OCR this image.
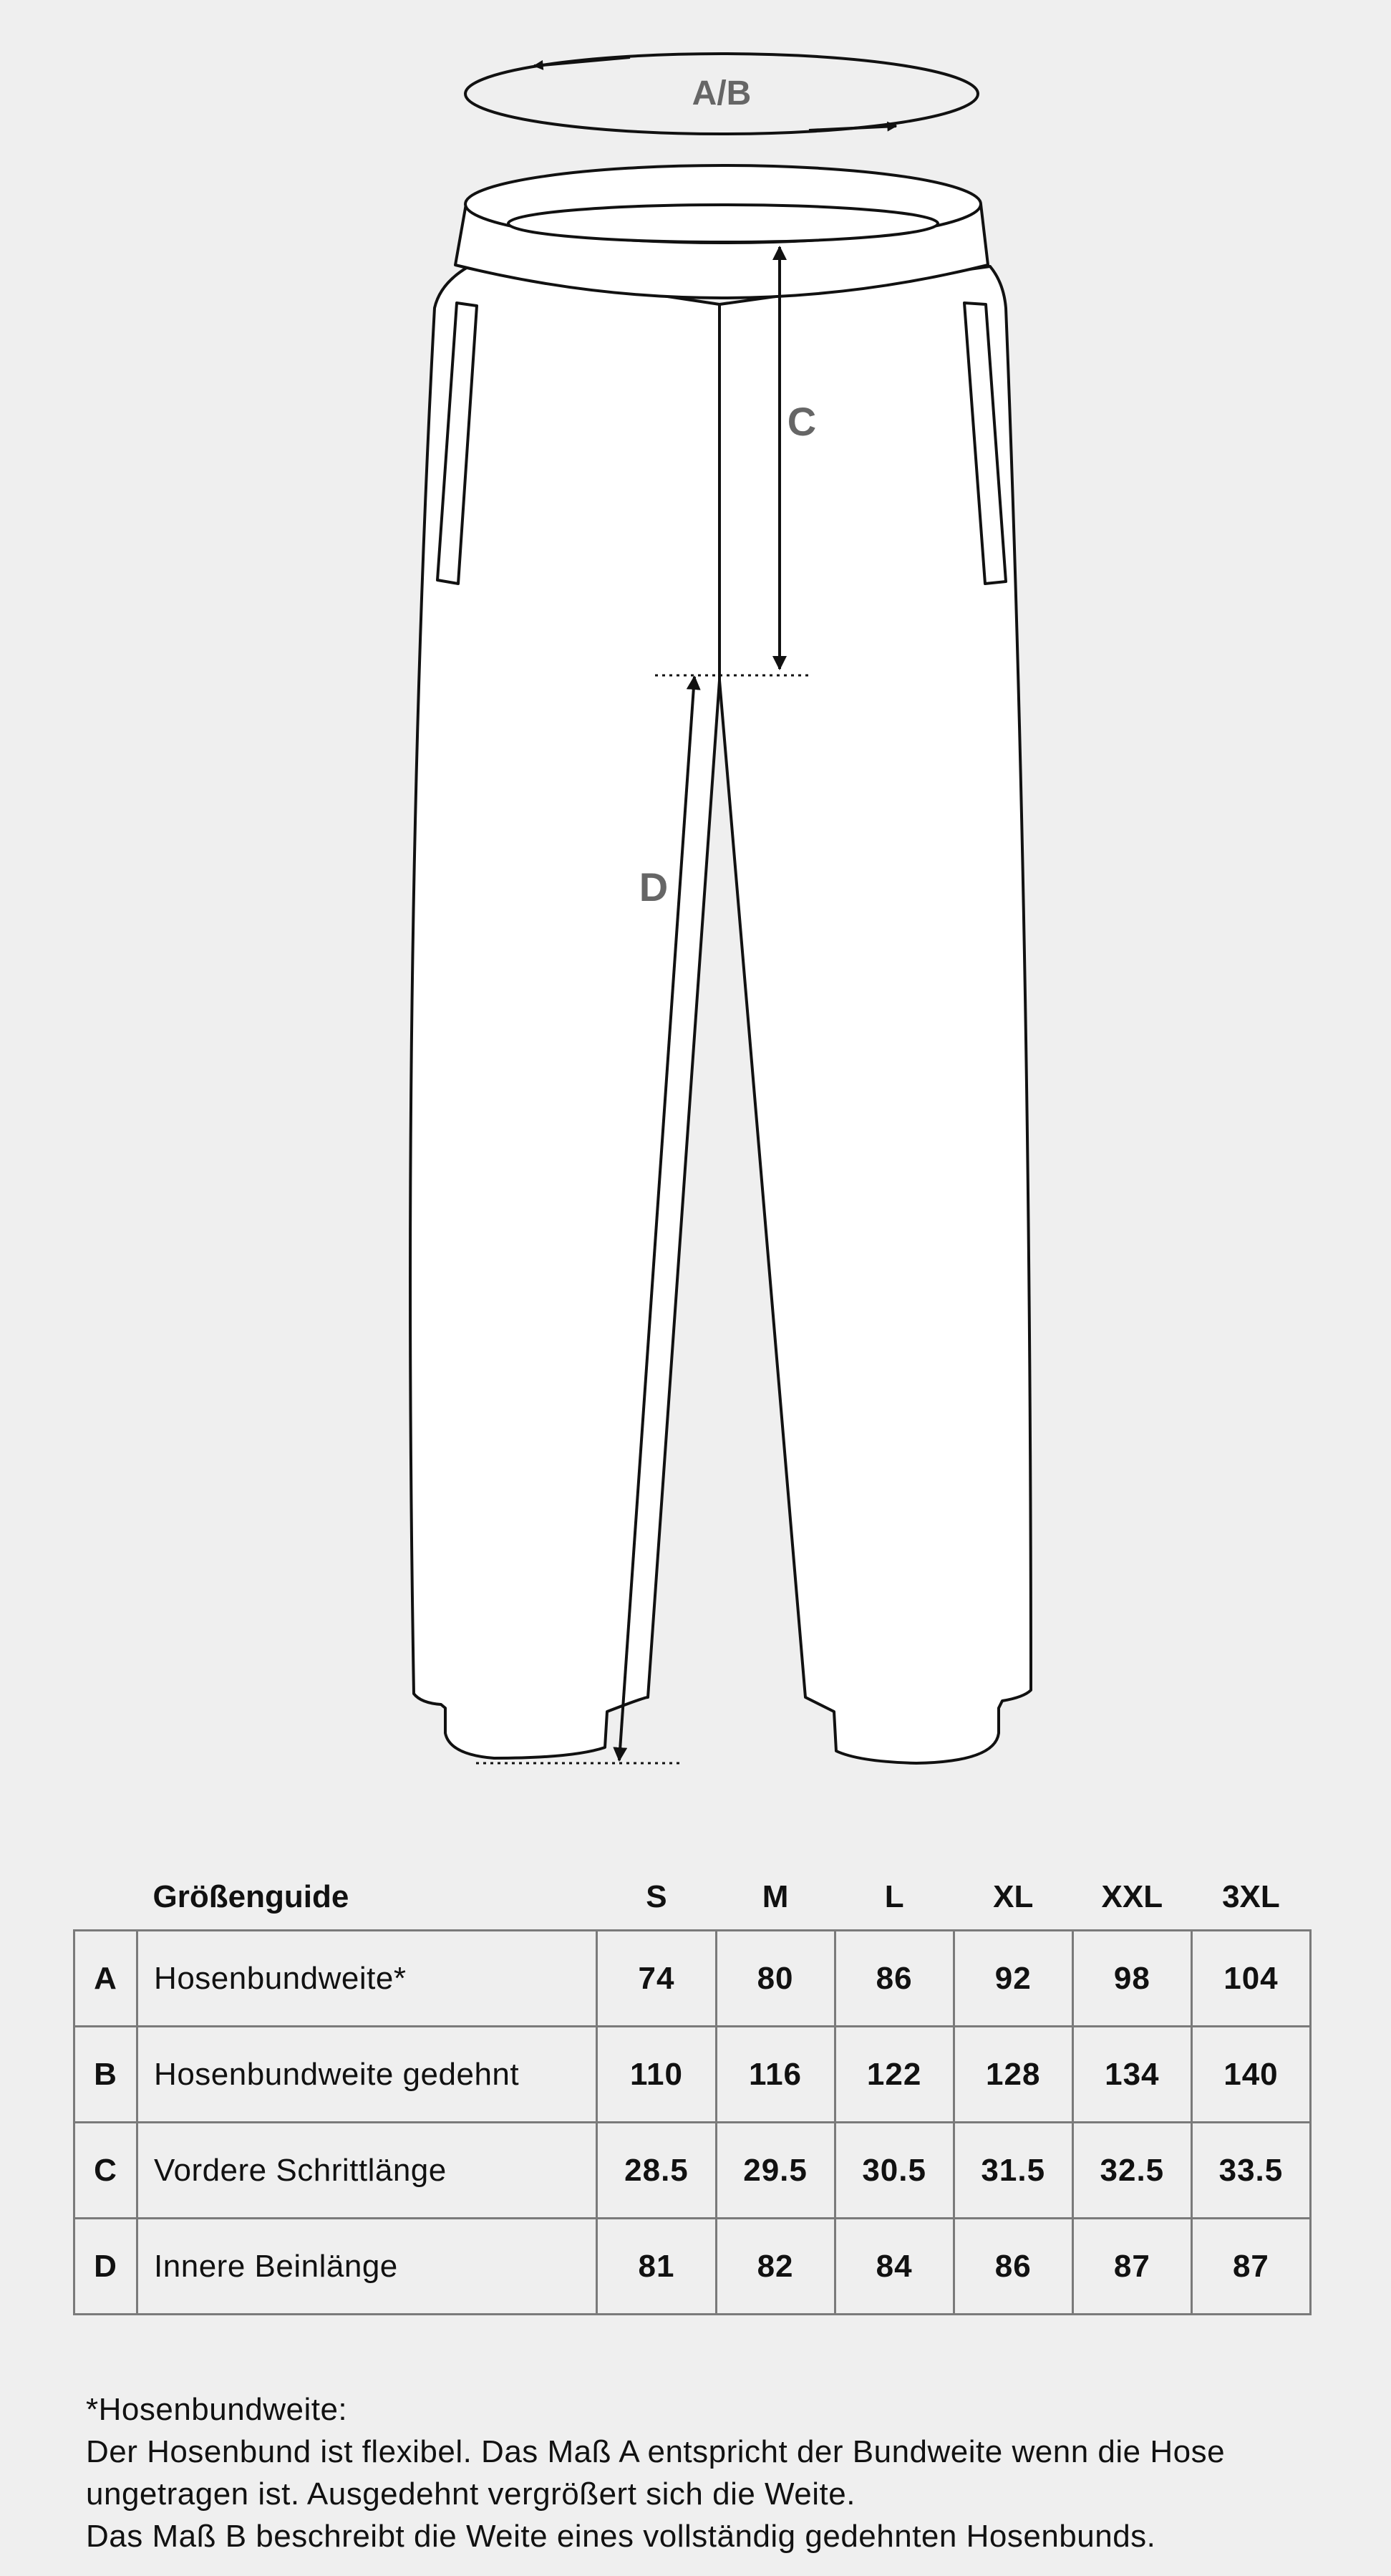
A/B
C
D
	Größenguide	S	M	L	XL	XXL	3XL
A	Hosenbundweite*	74	80	86	92	98	104
B	Hosenbundweite gedehnt	110	116	122	128	134	140
C	Vordere Schrittlänge	28.5	29.5	30.5	31.5	32.5	33.5
D	Innere Beinlänge	81	82	84	86	87	87

*Hosenbundweite:

Der Hosenbund ist flexibel. Das Maß A entspricht der Bundweite wenn die Hose ungetragen ist. Ausgedehnt vergrößert sich die Weite.

Das Maß B beschreibt die Weite eines vollständig gedehnten Hosenbunds.
